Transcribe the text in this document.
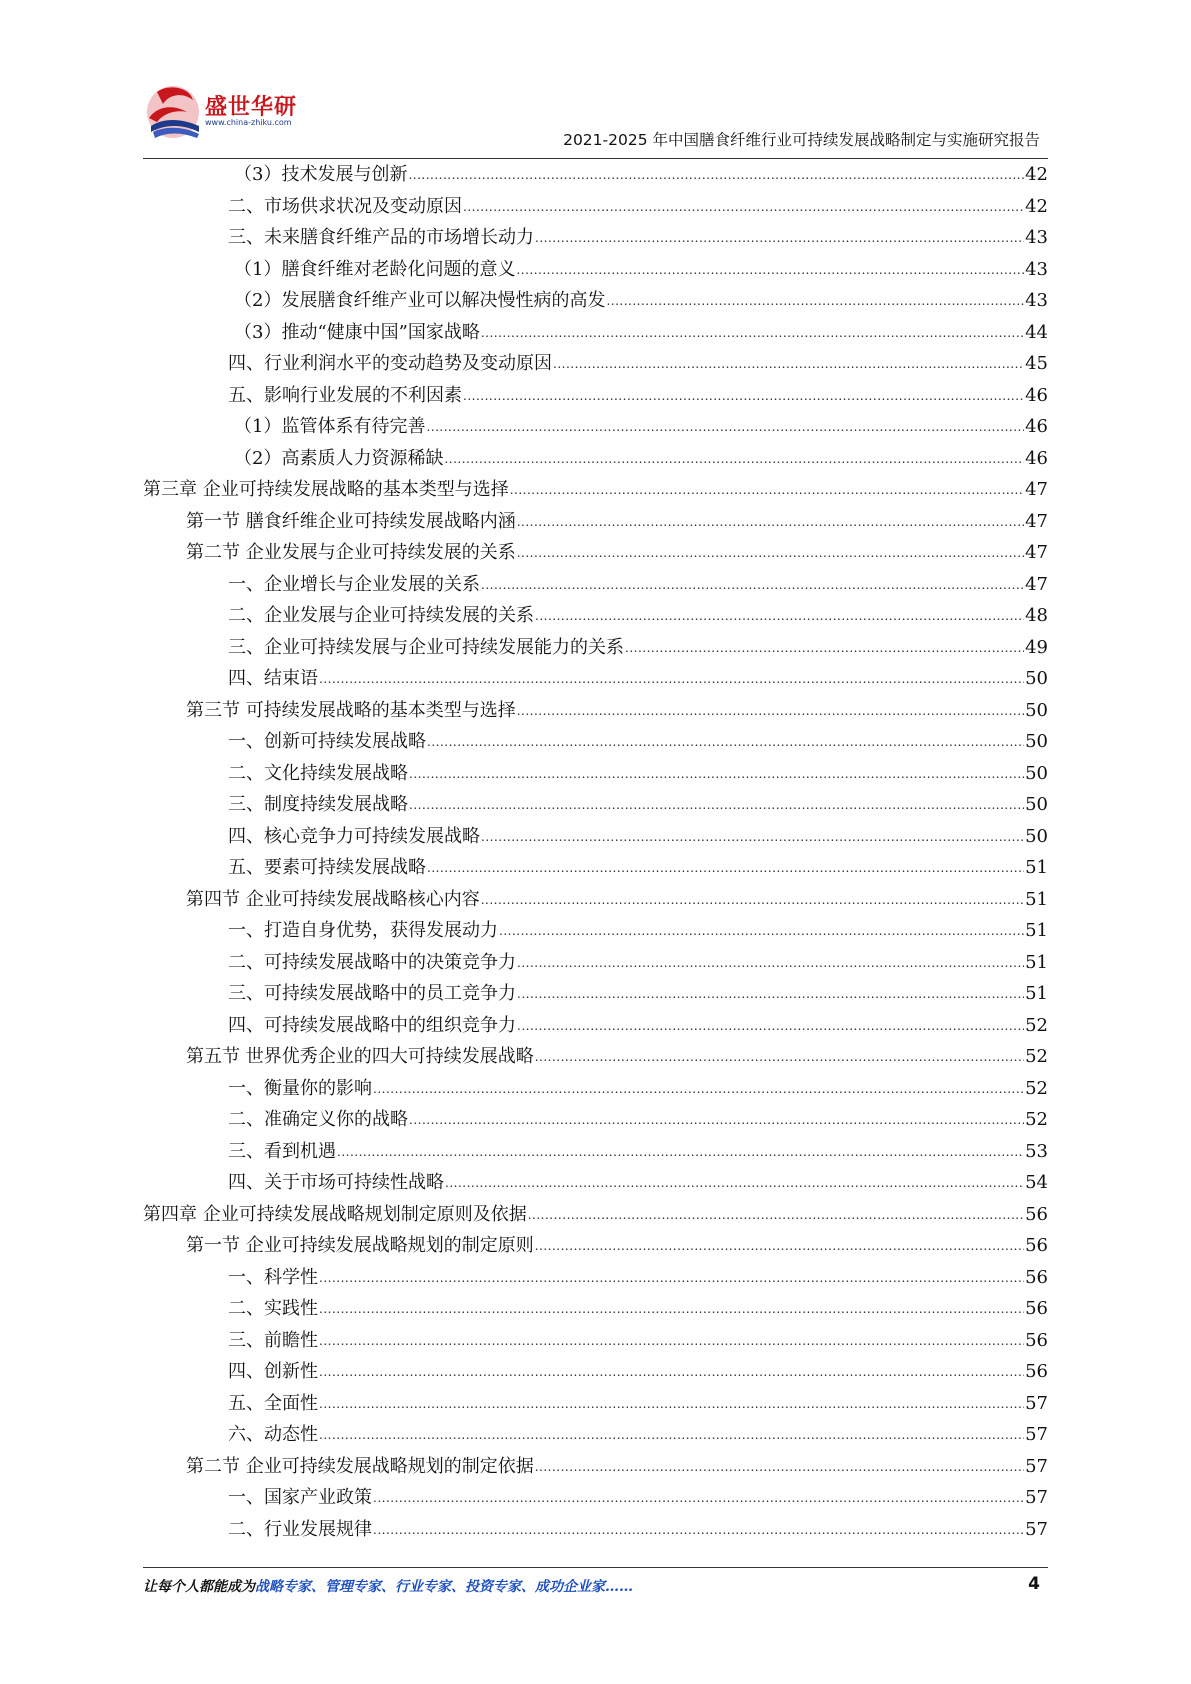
盛世华研
www.china-zhiku.com
2021-2025 年中国膳食纤维行业可持续发展战略制定与实施研究报告
（3）技术发展与创新 .....	42
二、市场供求状况及变动原因 .....	42
三、未来膳食纤维产品的市场增长动力 .....	43
（1）膳食纤维对老龄化问题的意义 .....	43
（2）发展膳食纤维产业可以解决慢性病的高发 .....	43
（3）推动“健康中国”国家战略 .....	44
四、行业利润水平的变动趋势及变动原因 .....	45
五、影响行业发展的不利因素 .....	46
（1）监管体系有待完善 .....	46
（2）高素质人力资源稀缺 .....	46
第三章 企业可持续发展战略的基本类型与选择 .....	47
第一节 膳食纤维企业可持续发展战略内涵 .....	47
第二节 企业发展与企业可持续发展的关系 .....	47
一、企业增长与企业发展的关系 .....	47
二、企业发展与企业可持续发展的关系 .....	48
三、企业可持续发展与企业可持续发展能力的关系 .....	49
四、结束语 .....	50
第三节 可持续发展战略的基本类型与选择 .....	50
一、创新可持续发展战略 .....	50
二、文化持续发展战略 .....	50
三、制度持续发展战略 .....	50
四、核心竞争力可持续发展战略 .....	50
五、要素可持续发展战略 .....	51
第四节 企业可持续发展战略核心内容 .....	51
一、打造自身优势，获得发展动力 .....	51
二、可持续发展战略中的决策竞争力 .....	51
三、可持续发展战略中的员工竞争力 .....	51
四、可持续发展战略中的组织竞争力 .....	52
第五节 世界优秀企业的四大可持续发展战略 .....	52
一、衡量你的影响 .....	52
二、准确定义你的战略 .....	52
三、看到机遇 .....	53
四、关于市场可持续性战略 .....	54
第四章 企业可持续发展战略规划制定原则及依据 .....	56
第一节 企业可持续发展战略规划的制定原则 .....	56
一、科学性 .....	56
二、实践性 .....	56
三、前瞻性 .....	56
四、创新性 .....	56
五、全面性 .....	57
六、动态性 .....	57
第二节 企业可持续发展战略规划的制定依据 .....	57
一、国家产业政策 .....	57
二、行业发展规律 .....	57
让每个人都能成为战略专家、管理专家、行业专家、投资专家、成功企业家……	4
